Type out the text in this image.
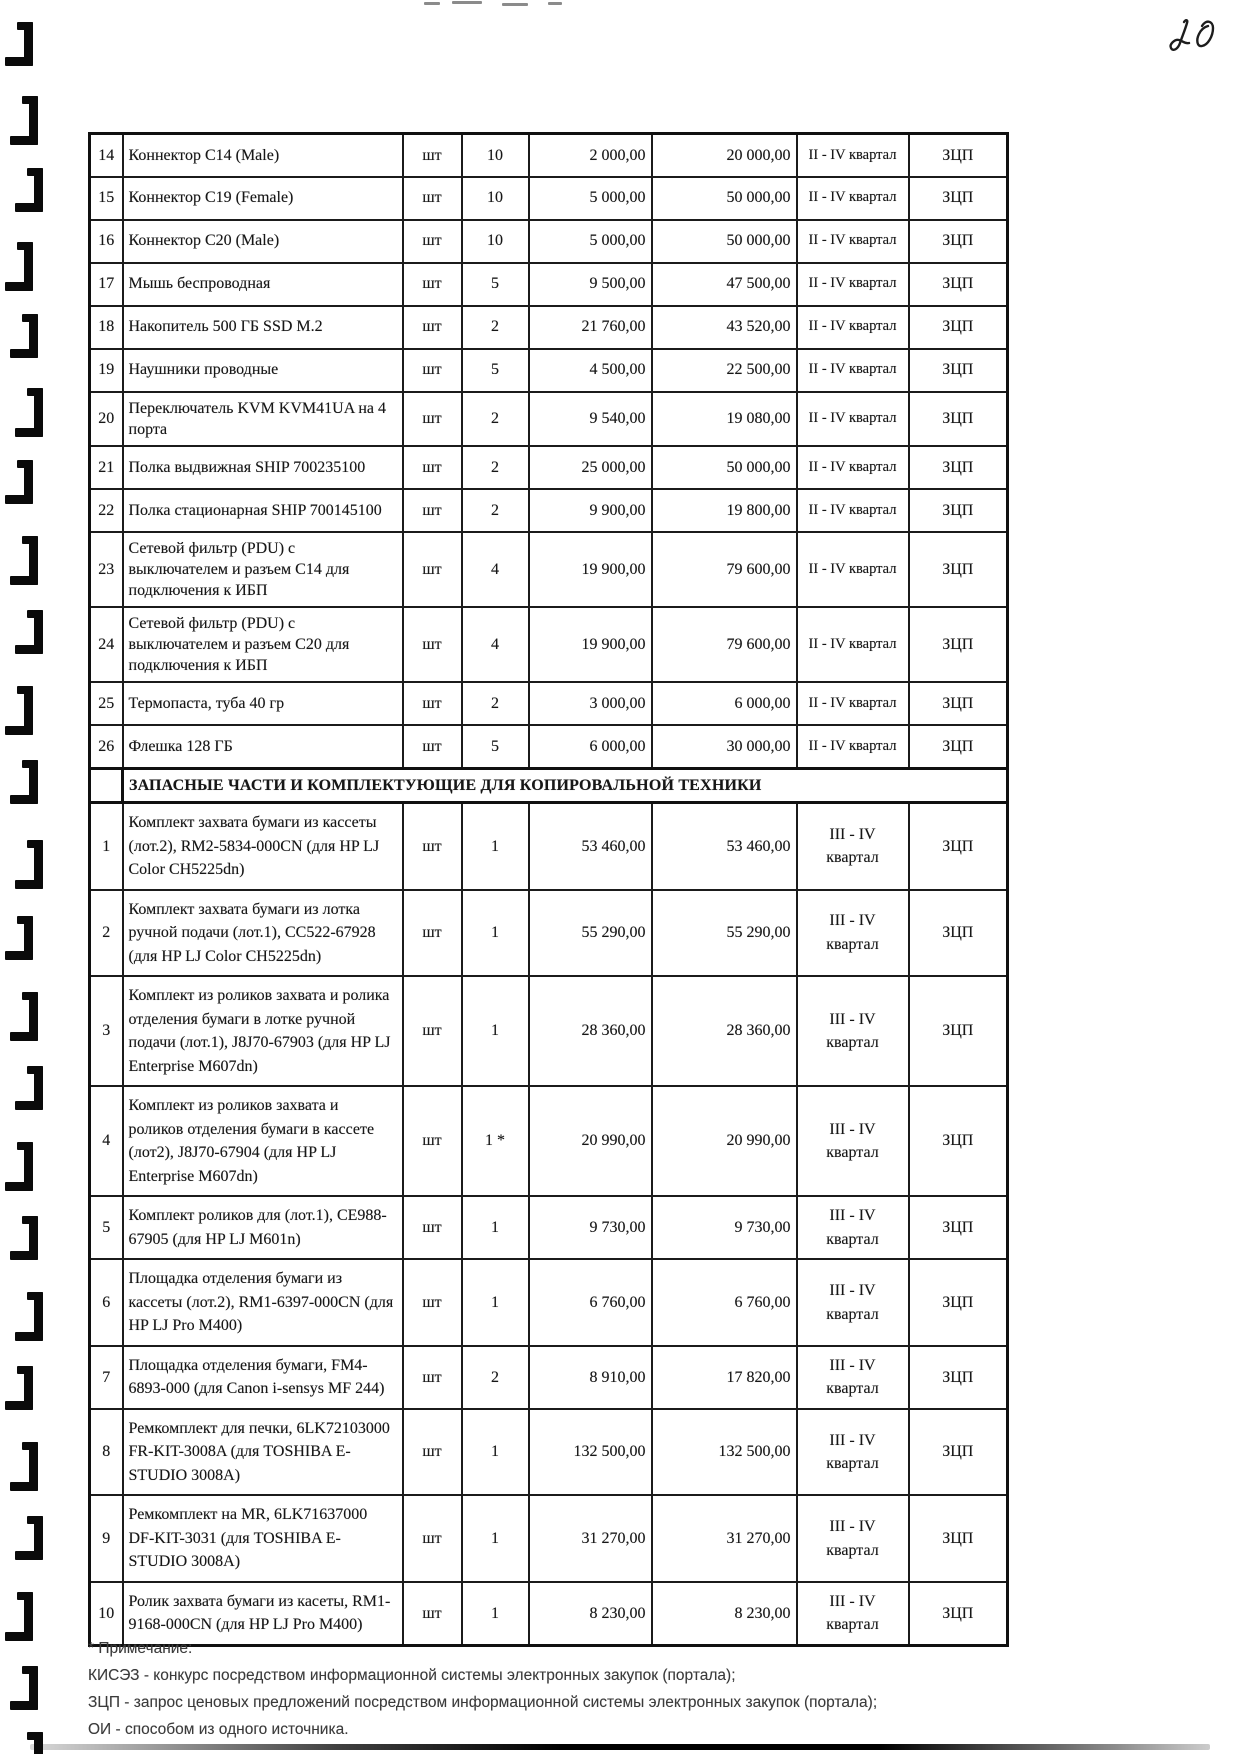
14	Коннектор C14 (Male)	шт	10	2 000,00	20 000,00	II - IV квартал	ЗЦП
15	Коннектор C19 (Female)	шт	10	5 000,00	50 000,00	II - IV квартал	ЗЦП
16	Коннектор C20 (Male)	шт	10	5 000,00	50 000,00	II - IV квартал	ЗЦП
17	Мышь беспроводная	шт	5	9 500,00	47 500,00	II - IV квартал	ЗЦП
18	Накопитель 500 ГБ SSD M.2	шт	2	21 760,00	43 520,00	II - IV квартал	ЗЦП
19	Наушники проводные	шт	5	4 500,00	22 500,00	II - IV квартал	ЗЦП
20	Переключатель KVM KVM41UA на 4 порта	шт	2	9 540,00	19 080,00	II - IV квартал	ЗЦП
21	Полка выдвижная SHIP 700235100	шт	2	25 000,00	50 000,00	II - IV квартал	ЗЦП
22	Полка стационарная SHIP 700145100	шт	2	9 900,00	19 800,00	II - IV квартал	ЗЦП
23	Сетевой фильтр (PDU) с выключателем и разъем C14 для подключения к ИБП	шт	4	19 900,00	79 600,00	II - IV квартал	ЗЦП
24	Сетевой фильтр (PDU) с выключателем и разъем C20 для подключения к ИБП	шт	4	19 900,00	79 600,00	II - IV квартал	ЗЦП
25	Термопаста, туба 40 гр	шт	2	3 000,00	6 000,00	II - IV квартал	ЗЦП
26	Флешка 128 ГБ	шт	5	6 000,00	30 000,00	II - IV квартал	ЗЦП
	ЗАПАСНЫЕ ЧАСТИ И КОМПЛЕКТУЮЩИЕ ДЛЯ КОПИРОВАЛЬНОЙ ТЕХНИКИ						
1	Комплект захвата бумаги из кассеты (лот.2), RM2-5834-000CN (для HP LJ Color CH5225dn)	шт	1	53 460,00	53 460,00	III - IV квартал	ЗЦП
2	Комплект захвата бумаги из лотка ручной подачи (лот.1), CC522-67928 (для HP LJ Color CH5225dn)	шт	1	55 290,00	55 290,00	III - IV квартал	ЗЦП
3	Комплект из роликов захвата и ролика отделения бумаги в лотке ручной подачи (лот.1), J8J70-67903 (для HP LJ Enterprise M607dn)	шт	1	28 360,00	28 360,00	III - IV квартал	ЗЦП
4	Комплект из роликов захвата и роликов отделения бумаги в кассете (лот2), J8J70-67904 (для HP LJ Enterprise M607dn)	шт	1 *	20 990,00	20 990,00	III - IV квартал	ЗЦП
5	Комплект роликов для (лот.1), CE988-67905 (для HP LJ M601n)	шт	1	9 730,00	9 730,00	III - IV квартал	ЗЦП
6	Площадка отделения бумаги из кассеты (лот.2), RM1-6397-000CN (для HP LJ Pro M400)	шт	1	6 760,00	6 760,00	III - IV квартал	ЗЦП
7	Площадка отделения бумаги, FM4-6893-000 (для Canon i-sensys MF 244)	шт	2	8 910,00	17 820,00	III - IV квартал	ЗЦП
8	Ремкомплект для печки, 6LK72103000 FR-KIT-3008A (для TOSHIBA E-STUDIO 3008A)	шт	1	132 500,00	132 500,00	III - IV квартал	ЗЦП
9	Ремкомплект на MR, 6LK71637000 DF-KIT-3031 (для TOSHIBA E-STUDIO 3008A)	шт	1	31 270,00	31 270,00	III - IV квартал	ЗЦП
10	Ролик захвата бумаги из касеты, RM1-9168-000CN (для HP LJ Pro M400)	шт	1	8 230,00	8 230,00	III - IV квартал	ЗЦП
* Примечание:
КИСЭЗ - конкурс посредством информационной системы электронных закупок (портала);
ЗЦП - запрос ценовых предложений посредством информационной системы электронных закупок (портала);
ОИ - способом из одного источника.
